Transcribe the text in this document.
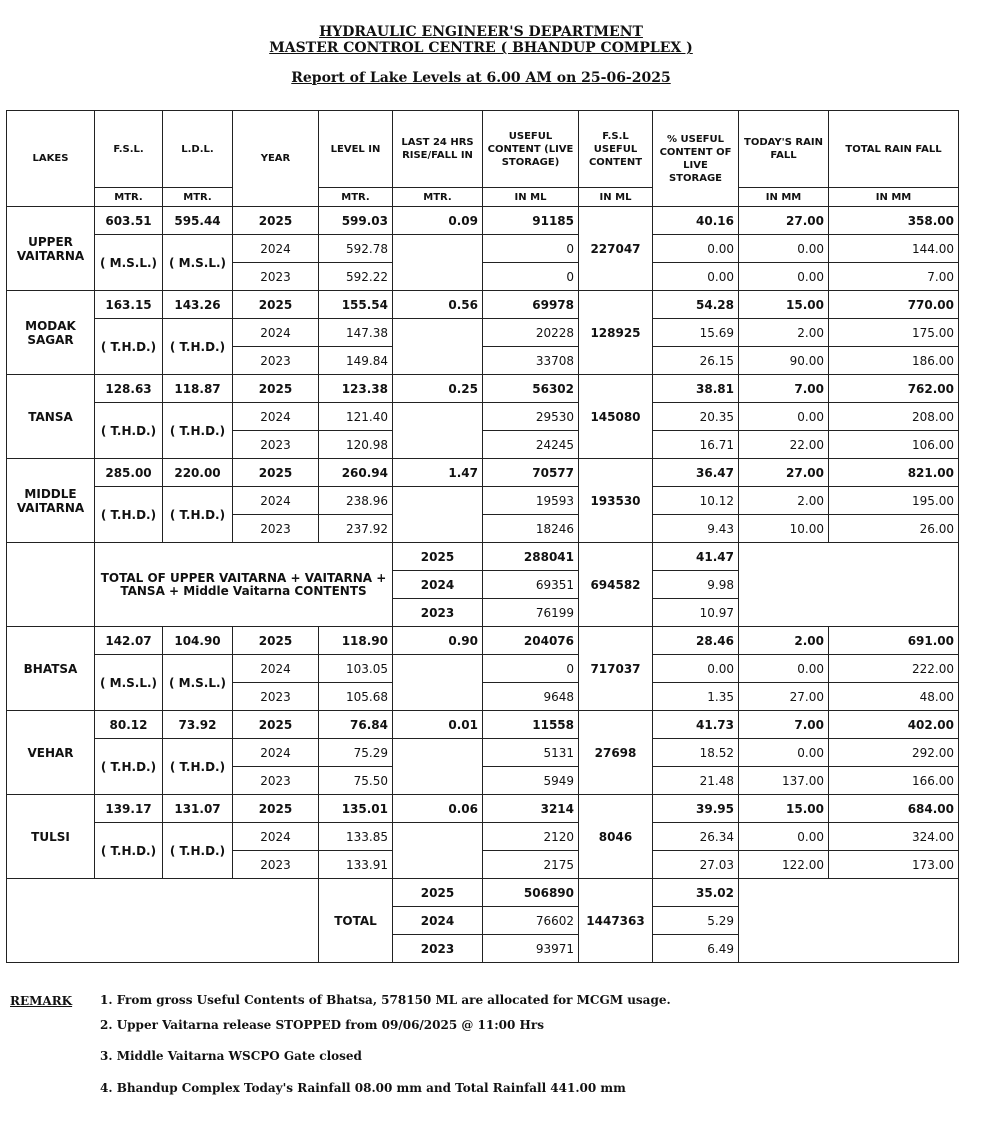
HYDRAULIC ENGINEER'S DEPARTMENT
MASTER CONTROL CENTRE ( BHANDUP COMPLEX )
Report of Lake Levels at 6.00 AM on 25-06-2025
LAKES	F.S.L.	L.D.L.	YEAR	LEVEL IN	LAST 24 HRS RISE/FALL IN	USEFUL CONTENT (LIVE STORAGE)	F.S.L USEFUL CONTENT	% USEFUL CONTENT OF LIVE STORAGE	TODAY'S RAIN FALL	TOTAL RAIN FALL
	MTR.	MTR.		MTR.	MTR.	IN ML	IN ML		IN MM	IN MM
UPPER VAITARNA	603.51	595.44	2025	599.03	0.09	91185	227047	40.16	27.00	358.00
	( M.S.L.)	( M.S.L.)	2024	592.78		0		0.00	0.00	144.00
			2023	592.22		0		0.00	0.00	7.00
MODAK SAGAR	163.15	143.26	2025	155.54	0.56	69978	128925	54.28	15.00	770.00
	( T.H.D.)	( T.H.D.)	2024	147.38		20228		15.69	2.00	175.00
			2023	149.84		33708		26.15	90.00	186.00
TANSA	128.63	118.87	2025	123.38	0.25	56302	145080	38.81	7.00	762.00
	( T.H.D.)	( T.H.D.)	2024	121.40		29530		20.35	0.00	208.00
			2023	120.98		24245		16.71	22.00	106.00
MIDDLE VAITARNA	285.00	220.00	2025	260.94	1.47	70577	193530	36.47	27.00	821.00
	( T.H.D.)	( T.H.D.)	2024	238.96		19593		10.12	2.00	195.00
			2023	237.92		18246		9.43	10.00	26.00
	TOTAL OF UPPER VAITARNA + VAITARNA + TANSA + Middle Vaitarna CONTENTS				2025	288041	694582	41.47		
					2024	69351		9.98		
					2023	76199		10.97		
BHATSA	142.07	104.90	2025	118.90	0.90	204076	717037	28.46	2.00	691.00
	( M.S.L.)	( M.S.L.)	2024	103.05		0		0.00	0.00	222.00
			2023	105.68		9648		1.35	27.00	48.00
VEHAR	80.12	73.92	2025	76.84	0.01	11558	27698	41.73	7.00	402.00
	( T.H.D.)	( T.H.D.)	2024	75.29		5131		18.52	0.00	292.00
			2023	75.50		5949		21.48	137.00	166.00
TULSI	139.17	131.07	2025	135.01	0.06	3214	8046	39.95	15.00	684.00
	( T.H.D.)	( T.H.D.)	2024	133.85		2120		26.34	0.00	324.00
			2023	133.91		2175		27.03	122.00	173.00
				TOTAL	2025	506890	1447363	35.02		
					2024	76602		5.29		
					2023	93971		6.49		
REMARK 1. From gross Useful Contents of Bhatsa, 578150 ML are allocated for MCGM usage.
2. Upper Vaitarna release STOPPED from 09/06/2025 @ 11:00 Hrs
3. Middle Vaitarna WSCPO Gate closed
4. Bhandup Complex Today's Rainfall 08.00 mm and Total Rainfall 441.00 mm
